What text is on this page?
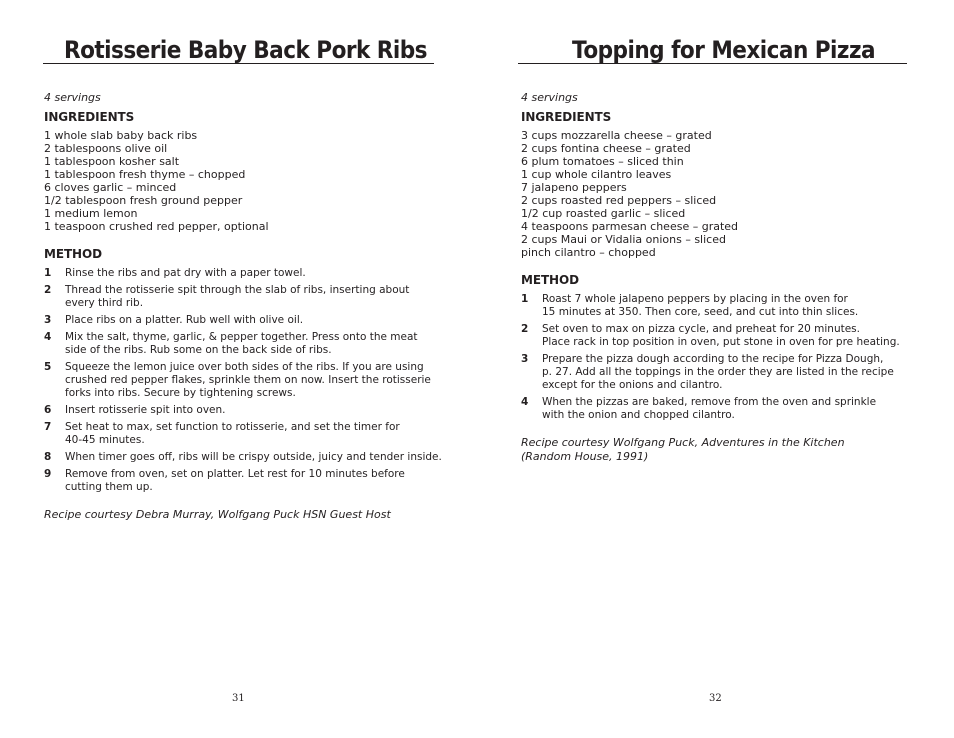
Rotisserie Baby Back Pork Ribs
4 servings
INGREDIENTS
1 whole slab baby back ribs
2 tablespoons olive oil
1 tablespoon kosher salt
1 tablespoon fresh thyme – chopped
6 cloves garlic – minced
1/2 tablespoon fresh ground pepper
1 medium lemon
1 teaspoon crushed red pepper, optional
METHOD
1	Rinse the ribs and pat dry with a paper towel.
2	Thread the rotisserie spit through the slab of ribs, inserting about
every third rib.
3	Place ribs on a platter. Rub well with olive oil.
4	Mix the salt, thyme, garlic, & pepper together. Press onto the meat
side of the ribs. Rub some on the back side of ribs.
5	Squeeze the lemon juice over both sides of the ribs. If you are using
crushed red pepper flakes, sprinkle them on now. Insert the rotisserie
forks into ribs. Secure by tightening screws.
6	Insert rotisserie spit into oven.
7	Set heat to max, set function to rotisserie, and set the timer for
40-45 minutes.
8	When timer goes off, ribs will be crispy outside, juicy and tender inside.
9	Remove from oven, set on platter. Let rest for 10 minutes before
cutting them up.
Recipe courtesy Debra Murray, Wolfgang Puck HSN Guest Host
31
Topping for Mexican Pizza
4 servings
INGREDIENTS
3 cups mozzarella cheese – grated
2 cups fontina cheese – grated
6 plum tomatoes – sliced thin
1 cup whole cilantro leaves
7 jalapeno peppers
2 cups roasted red peppers – sliced
1/2 cup roasted garlic – sliced
4 teaspoons parmesan cheese – grated
2 cups Maui or Vidalia onions – sliced
pinch cilantro – chopped
METHOD
1	Roast 7 whole jalapeno peppers by placing in the oven for
15 minutes at 350. Then core, seed, and cut into thin slices.
2	Set oven to max on pizza cycle, and preheat for 20 minutes.
Place rack in top position in oven, put stone in oven for pre heating.
3	Prepare the pizza dough according to the recipe for Pizza Dough,
p. 27. Add all the toppings in the order they are listed in the recipe
except for the onions and cilantro.
4	When the pizzas are baked, remove from the oven and sprinkle
with the onion and chopped cilantro.
Recipe courtesy Wolfgang Puck, Adventures in the Kitchen
(Random House, 1991)
32
